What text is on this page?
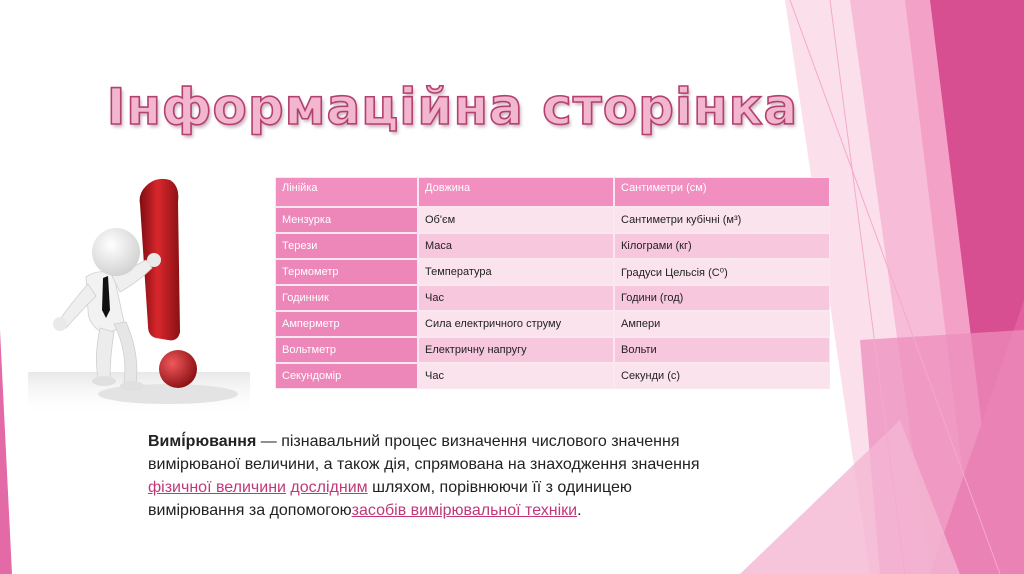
Інформаційна сторінка
Лінійка	Довжина	Сантиметри (см)
Мензурка	Об'єм	Сантиметри кубічні (м³)
Терези	Маса	Кілограми (кг)
Термометр	Температура	Градуси Цельсія (C⁰)
Годинник	Час	Години (год)
Амперметр	Сила електричного струму	Ампери
Вольтметр	Електричну напругу	Вольти
Секундомір	Час	Секунди (с)
Вимі́рювання — пізнавальний процес визначення числового значення вимірюваної величини, а також дія, спрямована на знаходження значення фізичної величини дослідним шляхом, порівнюючи її з одиницею вимірювання за допомогоюзасобів вимірювальної техніки.
